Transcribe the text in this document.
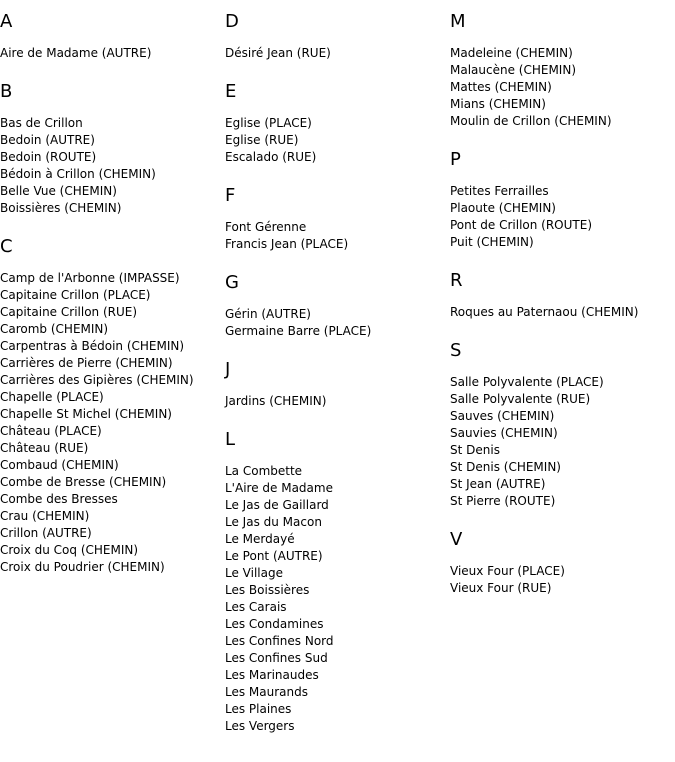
A
Aire de Madame (AUTRE)
B
Bas de Crillon
Bedoin (AUTRE)
Bedoin (ROUTE)
Bédoin à Crillon (CHEMIN)
Belle Vue (CHEMIN)
Boissières (CHEMIN)
C
Camp de l'Arbonne (IMPASSE)
Capitaine Crillon (PLACE)
Capitaine Crillon (RUE)
Caromb (CHEMIN)
Carpentras à Bédoin (CHEMIN)
Carrières de Pierre (CHEMIN)
Carrières des Gipières (CHEMIN)
Chapelle (PLACE)
Chapelle St Michel (CHEMIN)
Château (PLACE)
Château (RUE)
Combaud (CHEMIN)
Combe de Bresse (CHEMIN)
Combe des Bresses
Crau (CHEMIN)
Crillon (AUTRE)
Croix du Coq (CHEMIN)
Croix du Poudrier (CHEMIN)
D
Désiré Jean (RUE)
E
Eglise (PLACE)
Eglise (RUE)
Escalado (RUE)
F
Font Gérenne
Francis Jean (PLACE)
G
Gérin (AUTRE)
Germaine Barre (PLACE)
J
Jardins (CHEMIN)
L
La Combette
L'Aire de Madame
Le Jas de Gaillard
Le Jas du Macon
Le Merdayé
Le Pont (AUTRE)
Le Village
Les Boissières
Les Carais
Les Condamines
Les Confines Nord
Les Confines Sud
Les Marinaudes
Les Maurands
Les Plaines
Les Vergers
M
Madeleine (CHEMIN)
Malaucène (CHEMIN)
Mattes (CHEMIN)
Mians (CHEMIN)
Moulin de Crillon (CHEMIN)
P
Petites Ferrailles
Plaoute (CHEMIN)
Pont de Crillon (ROUTE)
Puit (CHEMIN)
R
Roques au Paternaou (CHEMIN)
S
Salle Polyvalente (PLACE)
Salle Polyvalente (RUE)
Sauves (CHEMIN)
Sauvies (CHEMIN)
St Denis
St Denis (CHEMIN)
St Jean (AUTRE)
St Pierre (ROUTE)
V
Vieux Four (PLACE)
Vieux Four (RUE)
